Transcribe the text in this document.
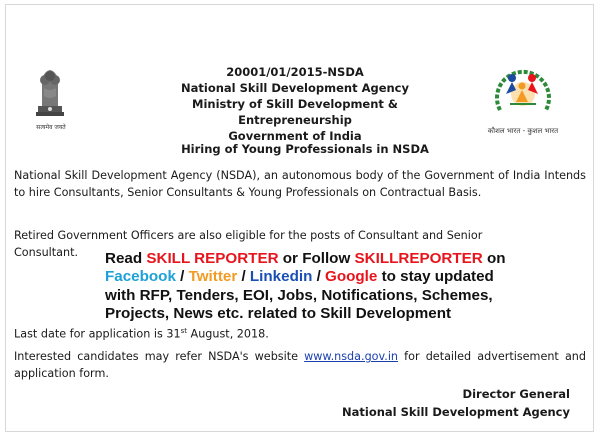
सत्यमेव जयते	कौशल भारत - कुशल भारत
20001/01/2015-NSDA
National Skill Development Agency
Ministry of Skill Development & Entrepreneurship
Government of India
Hiring of Young Professionals in NSDA
National Skill Development Agency (NSDA), an autonomous body of the Government of India Intends to hire Consultants, Senior Consultants & Young Professionals on Contractual Basis.
Retired Government Officers are also eligible for the posts of Consultant and Senior
Consultant. Read SKILL REPORTER or Follow SKILLREPORTER on
Facebook / Twitter / Linkedin / Google to stay updated
with RFP, Tenders, EOI, Jobs, Notifications, Schemes,
Projects, News etc. related to Skill Development
Last date for application is 31st August, 2018.
Interested candidates may refer NSDA's website www.nsda.gov.in for detailed advertisement and application form.
Director General
National Skill Development Agency
